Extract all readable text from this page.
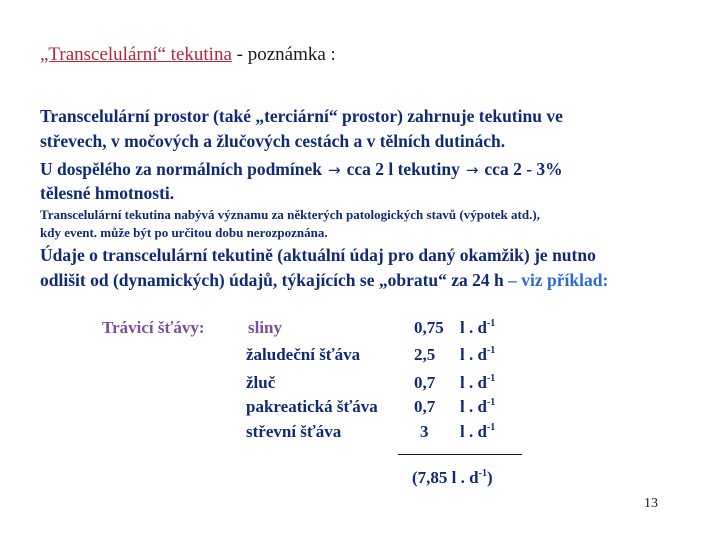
„Transcelulární“ tekutina - poznámka :
Transcelulární prostor (také „terciární“ prostor) zahrnuje tekutinu ve
střevech, v močových a žlučových cestách a v tělních dutinách.
U dospělého za normálních podmínek → cca 2 l tekutiny → cca 2 - 3%
tělesné hmotnosti.
Transcelulární tekutina nabývá významu za některých patologických stavů (výpotek atd.),
kdy event. může být po určitou dobu nerozpoznána.
Údaje o transcelulární tekutině (aktuální údaj pro daný okamžik) je nutno
odlišit od (dynamických) údajů, týkajících se „obratu“ za 24 h – viz příklad:
Trávicí šťávy:	sliny	0,75 l . $d^{-1}$
žaludeční šťáva	2,5 l . $d^{-1}$
žluč	0,7 l . $d^{-1}$
pakreatická šťáva 0,7 l . $d^{-1}$
střevní šťáva	3 l . $d^{-1}$
(7,85 l . $d^{-1}$)
13
